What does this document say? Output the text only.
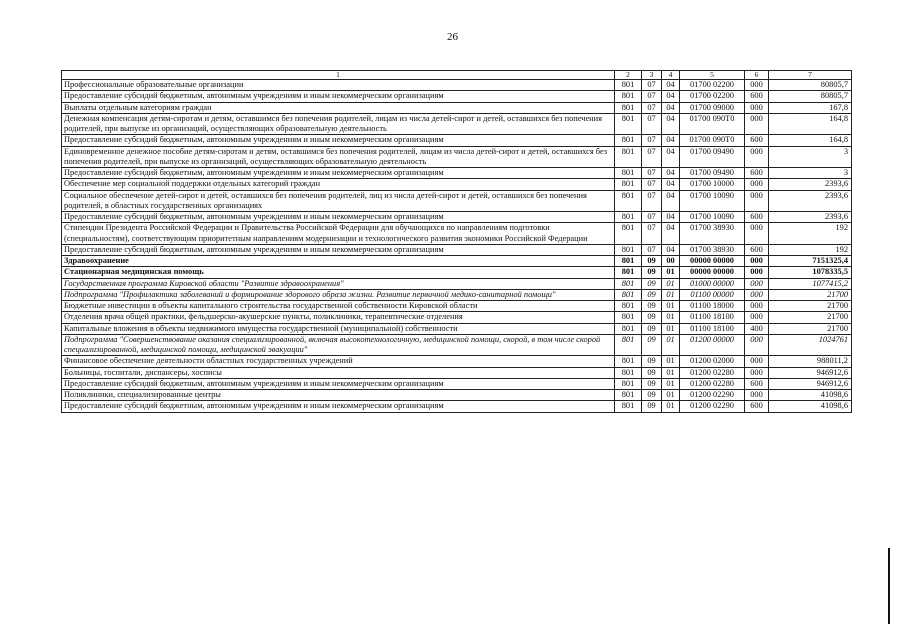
26
1	2	3	4	5	6	7
Профессиональные образовательные организации	801	07	04	01700 02200	000	80805,7
Предоставление субсидий бюджетным, автономным учреждениям и иным некоммерческим организациям	801	07	04	01700 02200	600	80805,7
Выплаты отдельным категориям граждан	801	07	04	01700 09000	000	167,8
Денежная компенсация детям-сиротам и детям, оставшимся без попечения родителей, лицам из числа детей-сирот и детей, оставшихся без попечения родителей, при выпуске из организаций, осуществляющих образовательную деятельность	801	07	04	01700 090Т0	000	164,8
Предоставление субсидий бюджетным, автономным учреждениям и иным некоммерческим организациям	801	07	04	01700 090Т0	600	164,8
Единовременное денежное пособие детям-сиротам и детям, оставшимся без попечения родителей, лицам из числа детей-сирот и детей, оставшихся без попечения родителей, при выпуске из организаций, осуществляющих образовательную деятельность	801	07	04	01700 09490	000	3
Предоставление субсидий бюджетным, автономным учреждениям и иным некоммерческим организациям	801	07	04	01700 09490	600	3
Обеспечение мер социальной поддержки отдельных категорий граждан	801	07	04	01700 10000	000	2393,6
Социальное обеспечение детей-сирот и детей, оставшихся без попечения родителей, лиц из числа детей-сирот и детей, оставшихся без попечения родителей, в областных государственных организациях	801	07	04	01700 10090	000	2393,6
Предоставление субсидий бюджетным, автономным учреждениям и иным некоммерческим организациям	801	07	04	01700 10090	600	2393,6
Стипендии Президента Российской Федерации и Правительства Российской Федерации для обучающихся по направлениям подготовки (специальностям), соответствующим приоритетным направлениям модернизации и технологического развития экономики Российской Федерации	801	07	04	01700 38930	000	192
Предоставление субсидий бюджетным, автономным учреждениям и иным некоммерческим организациям	801	07	04	01700 38930	600	192
Здравоохранение	801	09	00	00000 00000	000	7151325,4
Стационарная медицинская помощь	801	09	01	00000 00000	000	1078335,5
Государственная программа Кировской области "Развитие здравоохранения"	801	09	01	01000 00000	000	1077415,2
Подпрограмма "Профилактика заболеваний и формирование здорового образа жизни. Развитие первичной медико-санитарной помощи"	801	09	01	01100 00000	000	21700
Бюджетные инвестиции в объекты капитального строительства государственной собственности Кировской области	801	09	01	01100 18000	000	21700
Отделения врача общей практики, фельдшерско-акушерские пункты, поликлиники, терапевтические отделения	801	09	01	01100 18100	000	21700
Капитальные вложения в объекты недвижимого имущества государственной (муниципальной) собственности	801	09	01	01100 18100	400	21700
Подпрограмма "Совершенствование оказания специализированной, включая высокотехнологичную, медицинской помощи, скорой, в том числе скорой специализированной, медицинской помощи, медицинской эвакуации"	801	09	01	01200 00000	000	1024761
Финансовое обеспечение деятельности областных государственных учреждений	801	09	01	01200 02000	000	988011,2
Больницы, госпитали, диспансеры, хосписы	801	09	01	01200 02280	000	946912,6
Предоставление субсидий бюджетным, автономным учреждениям и иным некоммерческим организациям	801	09	01	01200 02280	600	946912,6
Поликлиники, специализированные центры	801	09	01	01200 02290	000	41098,6
Предоставление субсидий бюджетным, автономным учреждениям и иным некоммерческим организациям	801	09	01	01200 02290	600	41098,6
